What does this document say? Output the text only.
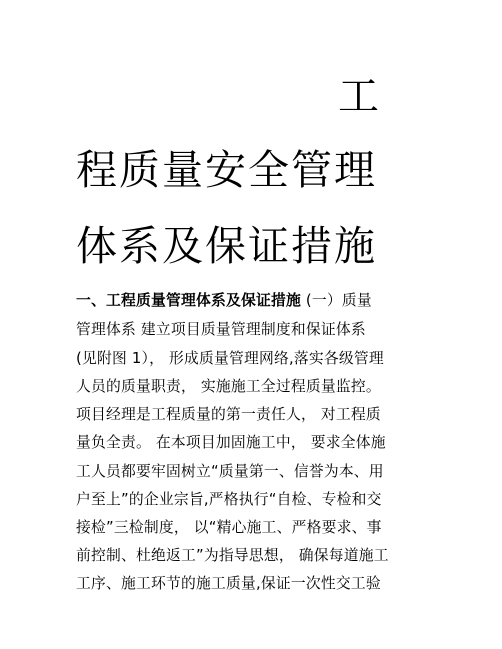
工
程质量安全管理
体系及保证措施
一、工程质量管理体系及保证措施 (一）质量
管理体系 建立项目质量管理制度和保证体系
(见附图 1）， 形成质量管理网络,落实各级管理
人员的质量职责， 实施施工全过程质量监控。
项目经理是工程质量的第一责任人， 对工程质
量负全责。 在本项目加固施工中， 要求全体施
工人员都要牢固树立“质量第一、信誉为本、用
户至上”的企业宗旨,严格执行“自检、专检和交
接检”三检制度， 以“精心施工、严格要求、事
前控制、杜绝返工”为指导思想， 确保每道施工
工序、施工环节的施工质量,保证一次性交工验
